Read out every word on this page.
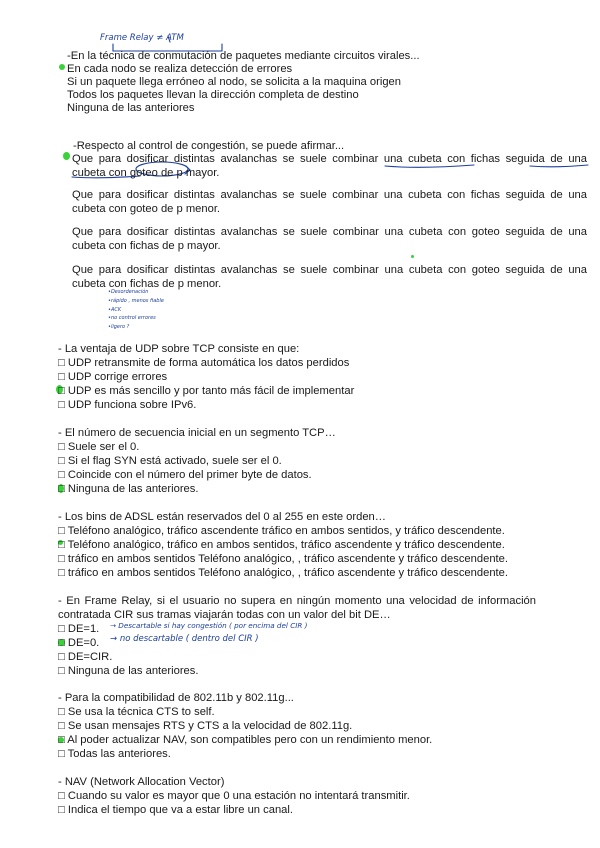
Frame Relay ≠ ATM
•Desordenación
•rápido , menos fiable
•ACK
•no control errores
•ligero ?
→ Descartable si hay congestión ( por encima del CIR )
→ no descartable ( dentro del CIR )
-En la técnica de conmutación de paquetes mediante circuitos virales...
En cada nodo se realiza detección de errores
Si un paquete llega erróneo al nodo, se solicita a la maquina origen
Todos los paquetes llevan la dirección completa de destino
Ninguna de las anteriores
-Respecto al control de congestión, se puede afirmar...
Que para dosificar distintas avalanchas se suele combinar una cubeta con fichas seguida de una cubeta con goteo de p mayor.
Que para dosificar distintas avalanchas se suele combinar una cubeta con fichas seguida de una cubeta con goteo de p menor.
Que para dosificar distintas avalanchas se suele combinar una cubeta con goteo seguida de una cubeta con fichas de p mayor.
Que para dosificar distintas avalanchas se suele combinar una cubeta con goteo seguida de una cubeta con fichas de p menor.
- La ventaja de UDP sobre TCP consiste en que:
□ UDP retransmite de forma automática los datos perdidos
□ UDP corrige errores
□ UDP es más sencillo y por tanto más fácil de implementar
□ UDP funciona sobre IPv6.
- El número de secuencia inicial en un segmento TCP…
□ Suele ser el 0.
□ Si el flag SYN está activado, suele ser el 0.
□ Coincide con el número del primer byte de datos.
□ Ninguna de las anteriores.
- Los bins de ADSL están reservados del 0 al 255 en este orden…
□ Teléfono analógico, tráfico ascendente tráfico en ambos sentidos, y tráfico descendente.
□ Teléfono analógico, tráfico en ambos sentidos, tráfico ascendente y tráfico descendente.
□ tráfico en ambos sentidos Teléfono analógico, , tráfico ascendente y tráfico descendente.
□ tráfico en ambos sentidos Teléfono analógico, , tráfico ascendente y tráfico descendente.
- En Frame Relay, si el usuario no supera en ningún momento una velocidad de información contratada CIR sus tramas viajarán todas con un valor del bit DE…
□ DE=1.
□ DE=0.
□ DE=CIR.
□ Ninguna de las anteriores.
- Para la compatibilidad de 802.11b y 802.11g...
□ Se usa la técnica CTS to self.
□ Se usan mensajes RTS y CTS a la velocidad de 802.11g.
□ Al poder actualizar NAV, son compatibles pero con un rendimiento menor.
□ Todas las anteriores.
- NAV (Network Allocation Vector)
□ Cuando su valor es mayor que 0 una estación no intentará transmitir.
□ Indica el tiempo que va a estar libre un canal.
